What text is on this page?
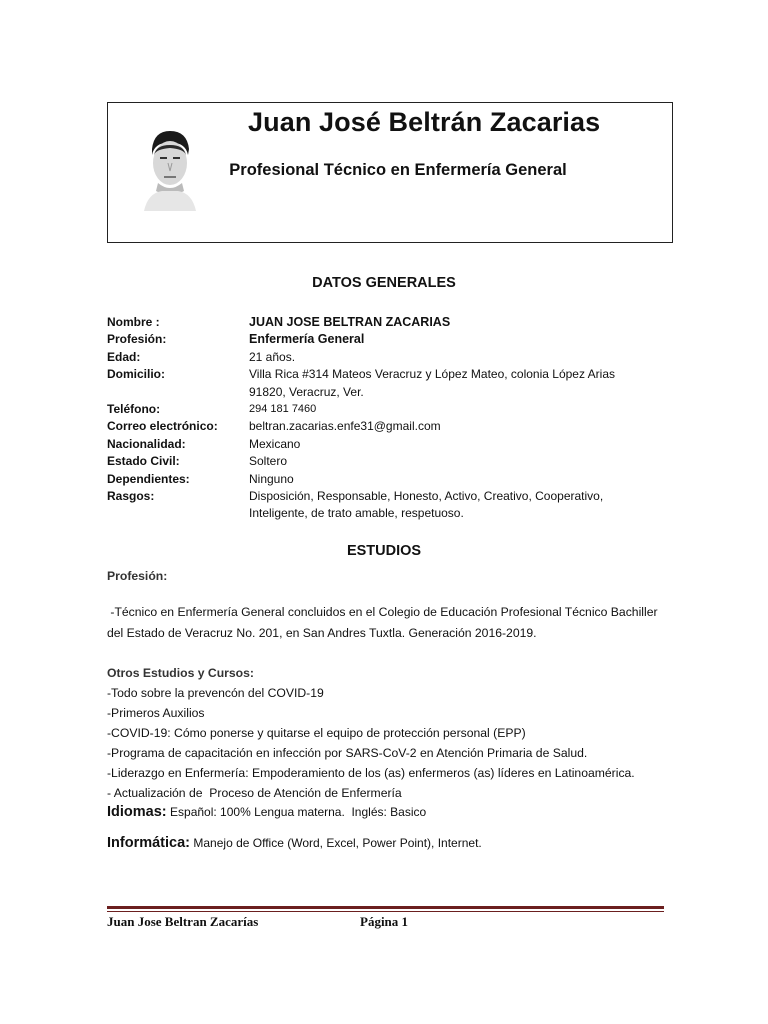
Juan José Beltrán Zacarias
Profesional Técnico en Enfermería General
DATOS GENERALES
Nombre :	JUAN JOSE BELTRAN ZACARIAS
Profesión:	Enfermería General
Edad:	21 años.
Domicilio:	Villa Rica #314 Mateos Veracruz y López Mateo, colonia López Arias
91820, Veracruz, Ver.
Teléfono:	294 181 7460
Correo electrónico:	beltran.zacarias.enfe31@gmail.com
Nacionalidad:	Mexicano
Estado Civil:	Soltero
Dependientes:	Ninguno
Rasgos:	Disposición, Responsable, Honesto, Activo, Creativo, Cooperativo,
Inteligente, de trato amable, respetuoso.
ESTUDIOS
Profesión:
-Técnico en Enfermería General concluidos en el Colegio de Educación Profesional Técnico Bachiller
del Estado de Veracruz No. 201, en San Andres Tuxtla. Generación 2016-2019.
Otros Estudios y Cursos:
-Todo sobre la prevencón del COVID-19
-Primeros Auxilios
-COVID-19: Cómo ponerse y quitarse el equipo de protección personal (EPP)
-Programa de capacitación en infección por SARS-CoV-2 en Atención Primaria de Salud.
-Liderazgo en Enfermería: Empoderamiento de los (as) enfermeros (as) líderes en Latinoamérica.
- Actualización de  Proceso de Atención de Enfermería
Idiomas: Español: 100% Lengua materna.  Inglés: Basico
Informática: Manejo de Office (Word, Excel, Power Point), Internet.
Juan Jose Beltran Zacarías	Página 1
